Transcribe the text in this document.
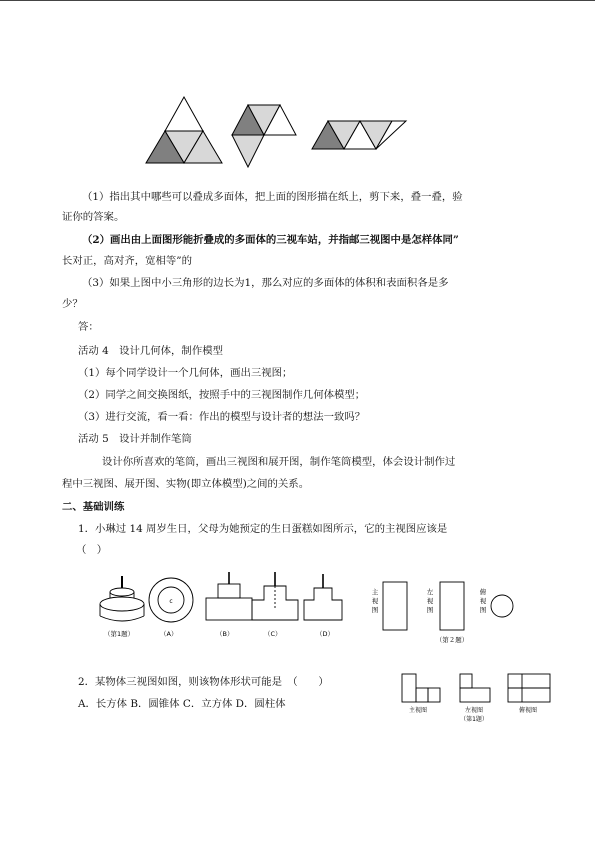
（1）指出其中哪些可以叠成多面体，把上面的图形描在纸上，剪下来，叠一叠，验
证你的答案。
（2）画出由上面图形能折叠成的多面体的三视车站，并指邮三视图中是怎样体同”
长对正，高对齐，宽相等”的
（3）如果上图中小三角形的边长为1，那么对应的多面体的体积和表面积各是多
少？
答：
活动 4　设计几何体，制作模型
（1）每个同学设计一个几何体，画出三视图；
（2）同学之间交换图纸，按照手中的三视图制作几何体模型；
（3）进行交流，看一看：作出的模型与设计者的想法一致吗？
活动 5　设计并制作笔筒
设计你所喜欢的笔筒，画出三视图和展开图，制作笔筒模型，体会设计制作过
程中三视图、展开图、实物(即立体模型)之间的关系。
二、基础训练
1．小琳过 14 周岁生日，父母为她预定的生日蛋糕如图所示，它的主视图应该是
（　）
c
（第1题）	（A）	（B）	（C）	（D）
主
视
图
左
视
图
俯
视
图
（第２题）
2．某物体三视图如图，则该物体形状可能是　（　　）
A．长方体 B．圆锥体 C．立方体 D．圆柱体
主视图	左视图	俯视图
（第1题）
